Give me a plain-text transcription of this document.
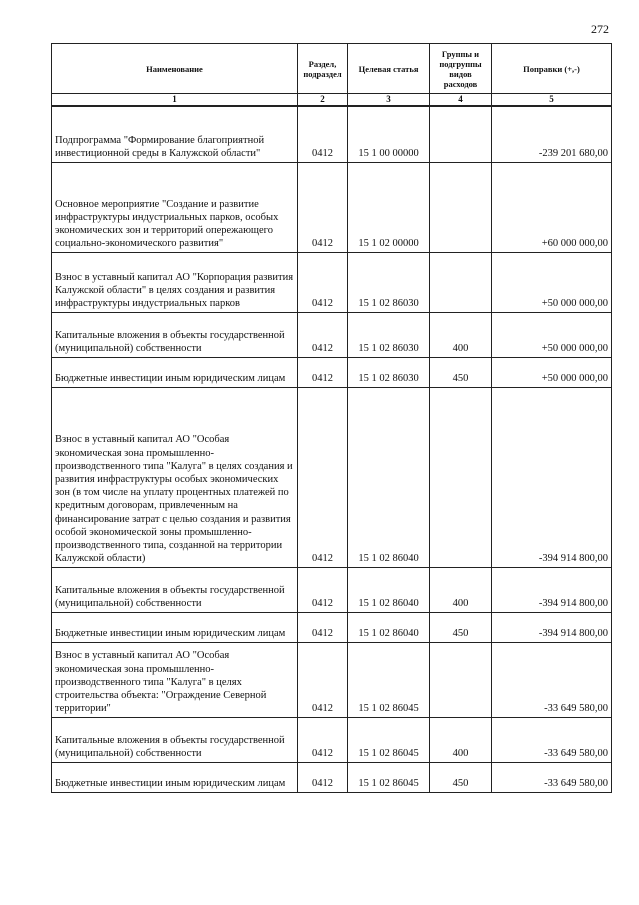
272
Наименование	Раздел, подраздел	Целевая статья	Группы и подгруппы видов расходов	Поправки (+,-)
1	2	3	4	5
Подпрограмма "Формирование благоприятной инвестиционной среды в Калужской области"	0412	15 1 00 00000		-239 201 680,00
Основное мероприятие "Создание и развитие инфраструктуры индустриальных парков, особых экономических зон и территорий опережающего социально-экономического развития"	0412	15 1 02 00000		+60 000 000,00
Взнос в уставный капитал АО "Корпорация развития Калужской области" в целях создания и развития инфраструктуры индустриальных парков	0412	15 1 02 86030		+50 000 000,00
Капитальные вложения в объекты государственной (муниципальной) собственности	0412	15 1 02 86030	400	+50 000 000,00
Бюджетные инвестиции иным юридическим лицам	0412	15 1 02 86030	450	+50 000 000,00
Взнос в уставный капитал АО "Особая экономическая зона промышленно-производственного типа "Калуга" в целях создания и развития инфраструктуры особых экономических зон (в том числе на уплату процентных платежей по кредитным договорам, привлеченным на финансирование затрат с целью создания и развития особой экономической зоны промышленно-производственного типа, созданной на территории Калужской области)	0412	15 1 02 86040		-394 914 800,00
Капитальные вложения в объекты государственной (муниципальной) собственности	0412	15 1 02 86040	400	-394 914 800,00
Бюджетные инвестиции иным юридическим лицам	0412	15 1 02 86040	450	-394 914 800,00
Взнос в уставный капитал АО "Особая экономическая зона промышленно-производственного типа "Калуга" в целях строительства объекта: "Ограждение Северной территории"	0412	15 1 02 86045		-33 649 580,00
Капитальные вложения в объекты государственной (муниципальной) собственности	0412	15 1 02 86045	400	-33 649 580,00
Бюджетные инвестиции иным юридическим лицам	0412	15 1 02 86045	450	-33 649 580,00
